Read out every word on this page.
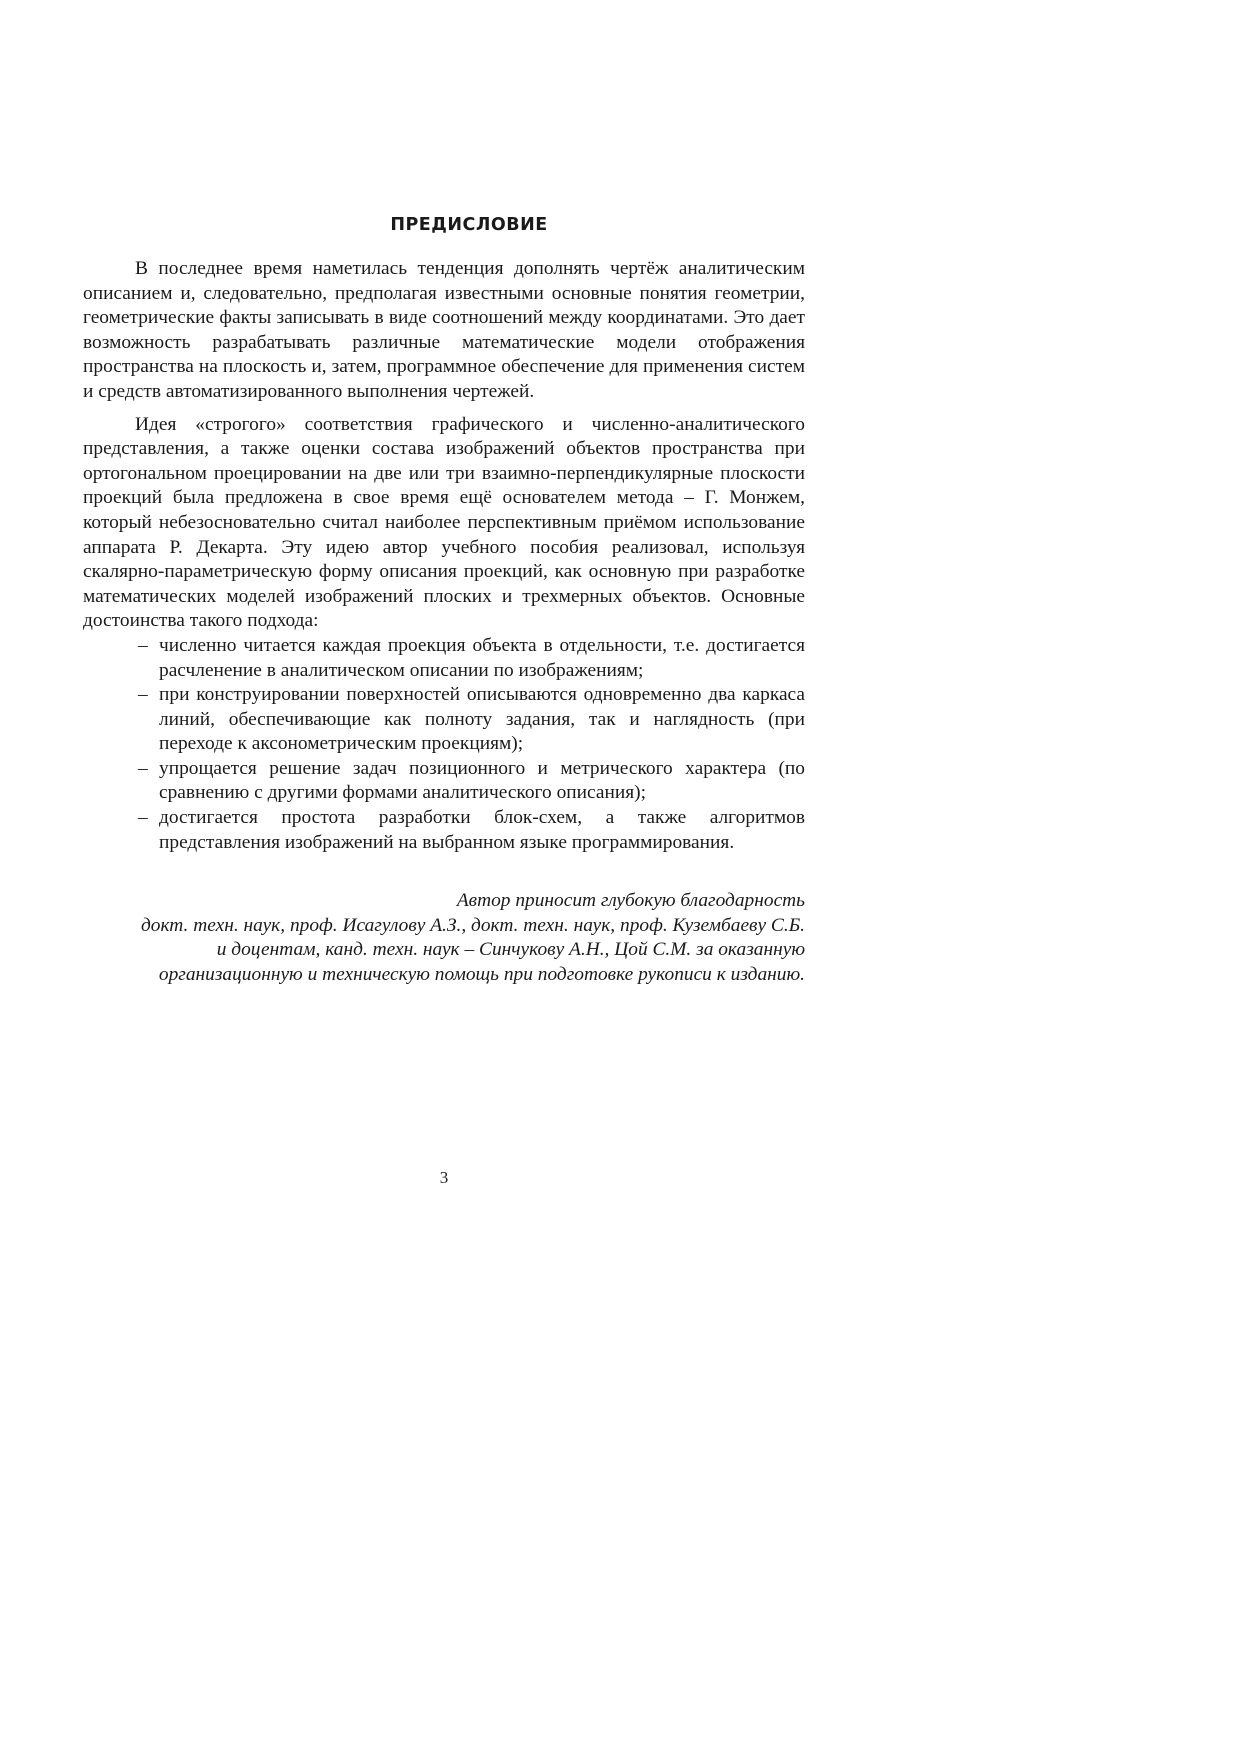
ПРЕДИСЛОВИЕ

В последнее время наметилась тенденция дополнять чертёж аналитическим описанием и, следовательно, предполагая известными основные понятия геометрии, геометрические факты записывать в виде соотношений между координатами. Это дает возможность разрабатывать различные математические модели отображения пространства на плоскость и, затем, программное обеспечение для применения систем и средств автоматизированного выполнения чертежей.

Идея «строгого» соответствия графического и численно-аналитического представления, а также оценки состава изображений объектов пространства при ортогональном проецировании на две или три взаимно-перпендикулярные плоскости проекций была предложена в свое время ещё основателем метода – Г. Монжем, который небезосновательно считал наиболее перспективным приёмом использование аппарата Р. Декарта. Эту идею автор учебного пособия реализовал, используя скалярно-параметрическую форму описания проекций, как основную при разработке математических моделей изображений плоских и трехмерных объектов. Основные достоинства такого подхода:

– численно читается каждая проекция объекта в отдельности, т.е. достигается расчленение в аналитическом описании по изображениям;
– при конструировании поверхностей описываются одновременно два каркаса линий, обеспечивающие как полноту задания, так и наглядность (при переходе к аксонометрическим проекциям);
– упрощается решение задач позиционного и метрического характера (по сравнению с другими формами аналитического описания);
– достигается простота разработки блок-схем, а также алгоритмов представления изображений на выбранном языке программирования.
Автор приносит глубокую благодарность
докт. техн. наук, проф. Исагулову А.З., докт. техн. наук, проф. Кузембаеву С.Б.
и доцентам, канд. техн. наук – Синчукову А.Н., Цой С.М. за оказанную
организационную и техническую помощь при подготовке рукописи к изданию.
3
